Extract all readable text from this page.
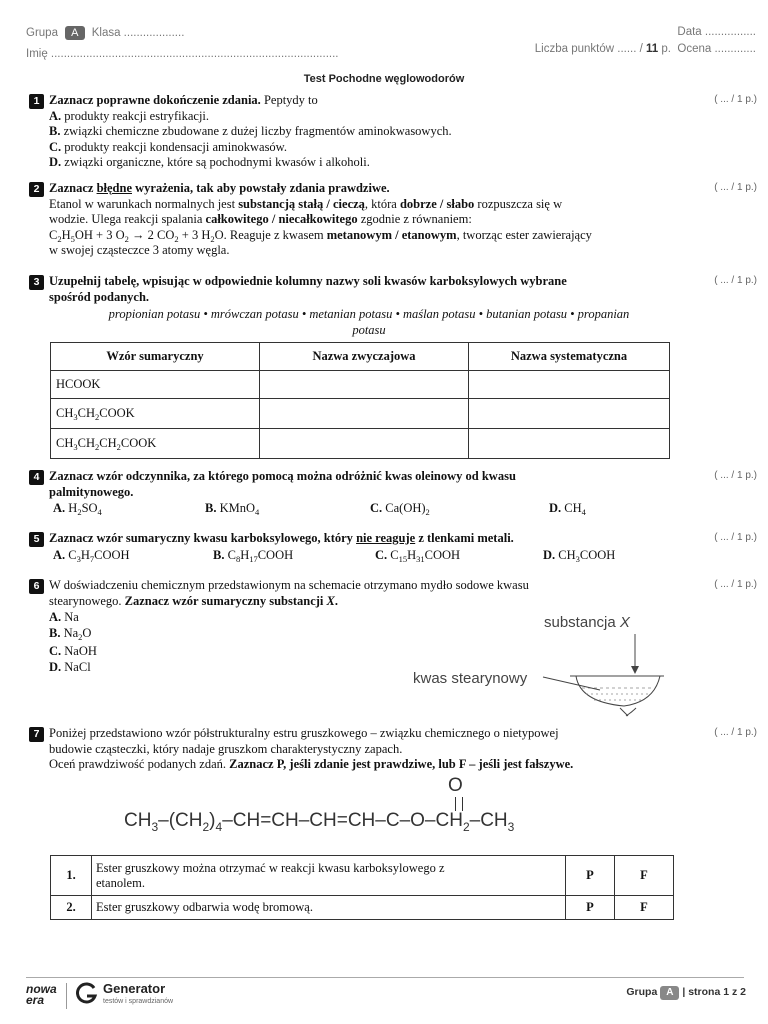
Grupa A Klasa ...................
Imię ..........................................................................................
Data ................
Liczba punktów ...... / 11 p. Ocena .............
Test Pochodne węglowodorów
1	( ... / 1 p.)
Zaznacz poprawne dokończenie zdania. Peptydy to
A. produkty reakcji estryfikacji.
B. związki chemiczne zbudowane z dużej liczby fragmentów aminokwasowych.
C. produkty reakcji kondensacji aminokwasów.
D. związki organiczne, które są pochodnymi kwasów i alkoholi.
2	( ... / 1 p.)
Zaznacz błędne wyrażenia, tak aby powstały zdania prawdziwe.
Etanol w warunkach normalnych jest substancją stałą / cieczą, która dobrze / słabo rozpuszcza się w
wodzie. Ulega reakcji spalania całkowitego / niecałkowitego zgodnie z równaniem:
$C_2H_5OH + 3$ $O_2 \to 2$ $CO_2 + 3$ $H_2O$. Reaguje z kwasem metanowym / etanowym, tworząc ester zawierający
w swojej cząsteczce 3 atomy węgla.
3	( ... / 1 p.)
Uzupełnij tabelę, wpisując w odpowiednie kolumny nazwy soli kwasów karboksylowych wybrane
spośród podanych.
propionian potasu • mrówczan potasu • metanian potasu • maślan potasu • butanian potasu • propanian
potasu
Wzór sumaryczny	Nazwa zwyczajowa	Nazwa systematyczna
HCOOK		
$CH_3CH_2COOK$		
$CH_3CH_2CH_2COOK$		
4	( ... / 1 p.)
Zaznacz wzór odczynnika, za którego pomocą można odróżnić kwas oleinowy od kwasu
palmitynowego.
A. $H_2SO_4$	B. KMnO$_4$	C. $Ca(OH)_2$	D. $CH_4$
5	( ... / 1 p.)
Zaznacz wzór sumaryczny kwasu karboksylowego, który nie reaguje z tlenkami metali.
A. $C_3H_7COOH$	B. $C_8H_{17}COOH$	C. $C_{15}H_{31}COOH$	D. $CH_3COOH$
6	( ... / 1 p.)
W doświadczeniu chemicznym przedstawionym na schemacie otrzymano mydło sodowe kwasu
stearynowego. Zaznacz wzór sumaryczny substancji X.
A. Na
B. $Na_2O$
C. NaOH
D. NaCl
substancja X
kwas stearynowy
7	( ... / 1 p.)
Poniżej przedstawiono wzór półstrukturalny estru gruszkowego – związku chemicznego o nietypowej
budowie cząsteczki, który nadaje gruszkom charakterystyczny zapach.
Oceń prawdziwość podanych zdań. Zaznacz P, jeśli zdanie jest prawdziwe, lub F – jeśli jest fałszywe.
O
$CH_3-(CH_2)_4-CH=CH-CH=CH-C-O-CH_2-CH_3$
1.	Ester gruszkowy można otrzymać w reakcji kwasu karboksylowego z
etanolem.	P	F
2.	Ester gruszkowy odbarwia wodę bromową.	P	F
nowa
era
Generator
testów i sprawdzianów
Grupa A | strona 1 z 2
